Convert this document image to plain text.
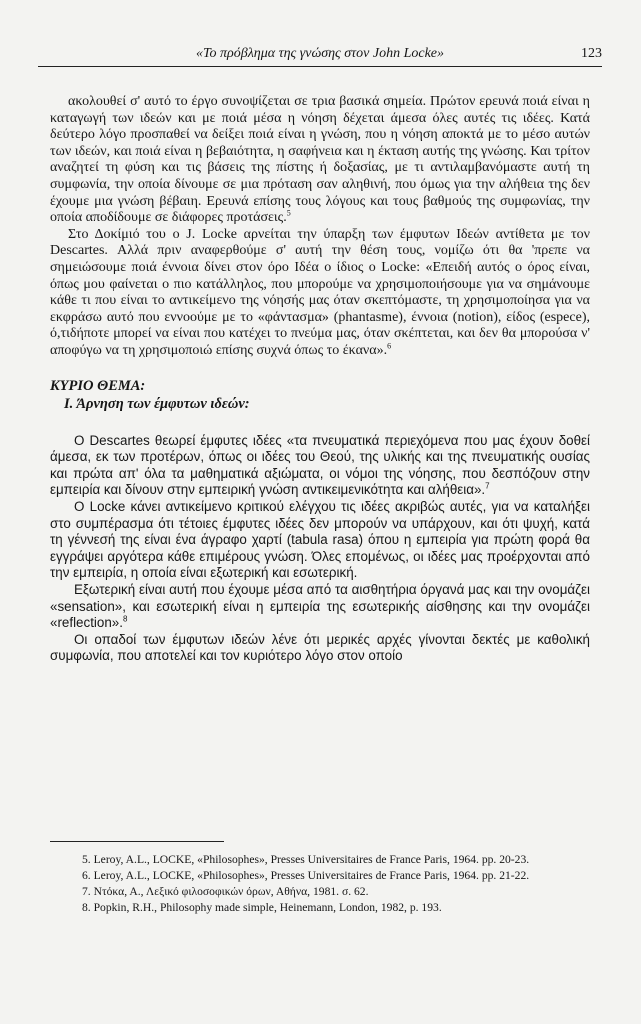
«Το πρόβλημα της γνώσης στον John Locke»	123

ακολουθεί σ' αυτό το έργο συνοψίζεται σε τρια βασικά σημεία. Πρώτον ερευνά ποιά είναι η καταγωγή των ιδεών και με ποιά μέσα η νόηση δέχεται άμεσα όλες αυτές τις ιδέες. Κατά δεύτερο λόγο προσπαθεί να δείξει ποιά είναι η γνώση, που η νόηση αποκτά με το μέσο αυτών των ιδεών, και ποιά είναι η βεβαιότητα, η σαφήνεια και η έκταση αυτής της γνώσης. Και τρίτον αναζητεί τη φύση και τις βάσεις της πίστης ή δοξασίας, με τι αντιλαμβανόμαστε αυτή τη συμφωνία, την οποία δίνουμε σε μια πρόταση σαν αληθινή, που όμως για την αλήθεια της δεν έχουμε μια γνώση βέβαιη. Ερευνά επίσης τους λόγους και τους βαθμούς της συμφωνίας, την οποία αποδίδουμε σε διάφορες προτάσεις.$^5$

Στο Δοκίμιό του ο J. Locke αρνείται την ύπαρξη των έμφυτων Ιδεών αντίθετα με τον Descartes. Αλλά πριν αναφερθούμε σ' αυτή την θέση τους, νομίζω ότι θα 'πρεπε να σημειώσουμε ποιά έννοια δίνει στον όρο Ιδέα ο ίδιος ο Locke: «Επειδή αυτός ο όρος είναι, όπως μου φαίνεται ο πιο κατάλληλος, που μπορούμε να χρησιμοποιήσουμε για να σημάνουμε κάθε τι που είναι το αντικείμενο της νόησής μας όταν σκεπτόμαστε, τη χρησιμοποίησα για να εκφράσω αυτό που εννοούμε με το «φάντασμα» (phantasme), έννοια (notion), είδος (espece), ό,τιδήποτε μπορεί να είναι που κατέχει το πνεύμα μας, όταν σκέπτεται, και δεν θα μπορούσα ν' αποφύγω να τη χρησιμοποιώ επίσης συχνά όπως το έκανα».$^6$

ΚΥΡΙΟ ΘΕΜΑ:
Ι. Άρνηση των έμφυτων ιδεών:

Ο Descartes θεωρεί έμφυτες ιδέες «τα πνευματικά περιεχόμενα που μας έχουν δοθεί άμεσα, εκ των προτέρων, όπως οι ιδέες του Θεού, της υλικής και της πνευματικής ουσίας και πρώτα απ' όλα τα μαθηματικά αξιώματα, οι νόμοι της νόησης, που δεσπόζουν στην εμπειρία και δίνουν στην εμπειρική γνώση αντικειμενικότητα και αλήθεια».$^7$

Ο Locke κάνει αντικείμενο κριτικού ελέγχου τις ιδέες ακριβώς αυτές, για να καταλήξει στο συμπέρασμα ότι τέτοιες έμφυτες ιδέες δεν μπορούν να υπάρχουν, και ότι ψυχή, κατά τη γέννεσή της είναι ένα άγραφο χαρτί (tabula rasa) όπου η εμπειρία για πρώτη φορά θα εγγράψει αργότερα κάθε επιμέρους γνώση. Όλες επομένως, οι ιδέες μας προέρχονται από την εμπειρία, η οποία είναι εξωτερική και εσωτερική.

Εξωτερική είναι αυτή που έχουμε μέσα από τα αισθητήρια όργανά μας και την ονομάζει «sensation», και εσωτερική είναι η εμπειρία της εσωτερικής αίσθησης και την ονομάζει «reflection».$^8$

Οι οπαδοί των έμφυτων ιδεών λένε ότι μερικές αρχές γίνονται δεκτές με καθολική συμφωνία, που αποτελεί και τον κυριότερο λόγο στον οποίο

5. Leroy, A.L., LOCKE, «Philosophes», Presses Universitaires de France Paris, 1964. pp. 20-23.

6. Leroy, A.L., LOCKE, «Philosophes», Presses Universitaires de France Paris, 1964. pp. 21-22.

7. Ντόκα, Α., Λεξικό φιλοσοφικών όρων, Αθήνα, 1981. σ. 62.

8. Popkin, R.H., Philosophy made simple, Heinemann, London, 1982, p. 193.
